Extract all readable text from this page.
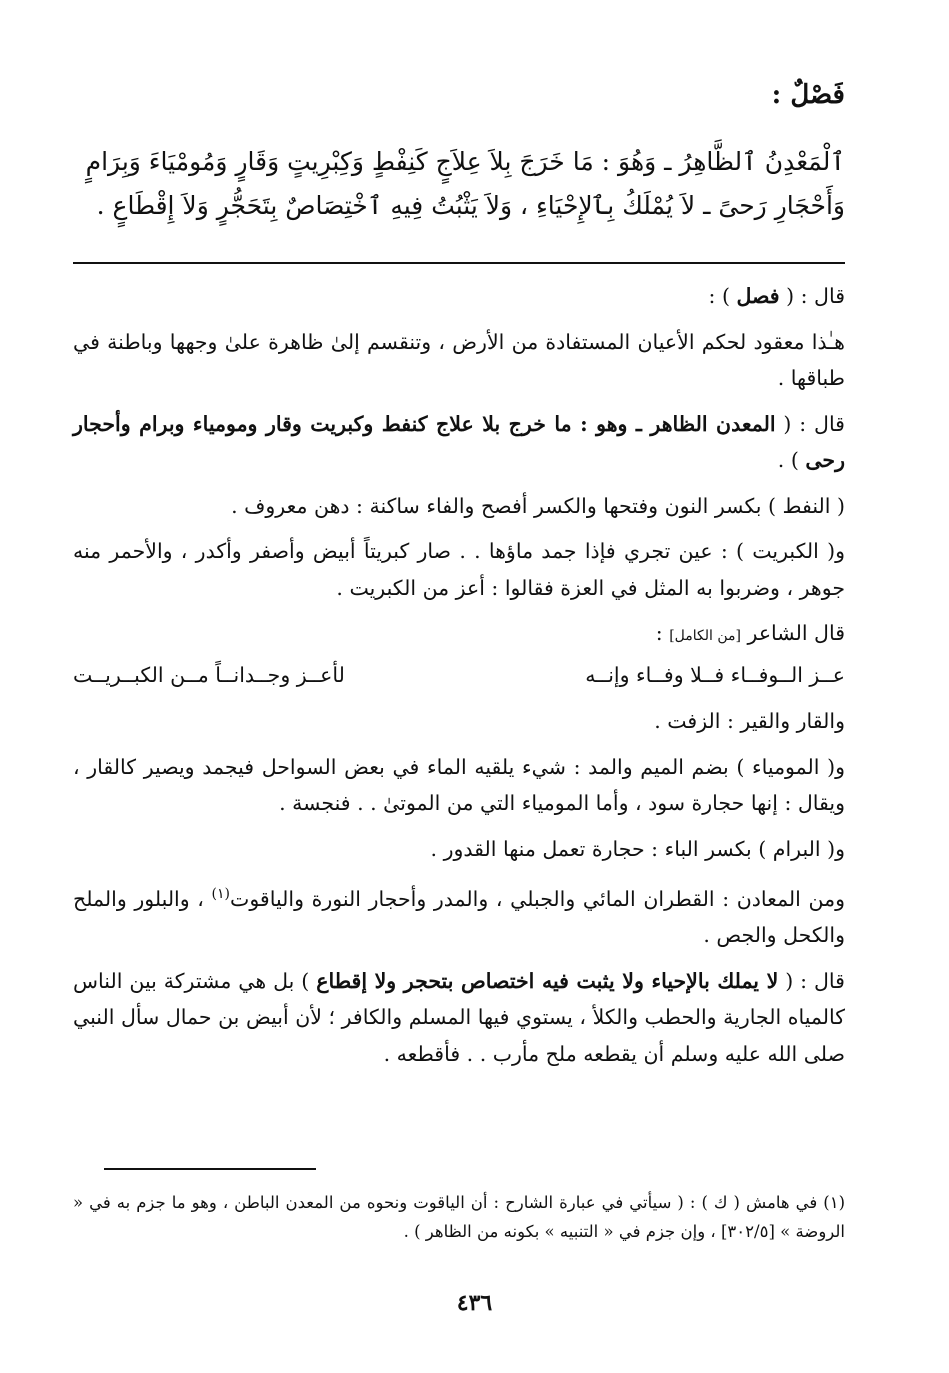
فَصْلٌ :
ٱلْمَعْدِنُ ٱلظَّاهِرُ ـ وَهُوَ : مَا خَرَجَ بِلاَ عِلاَجٍ كَنِفْطٍ وَكِبْرِيتٍ وَقَارٍ وَمُومْيَاءَ وَبِرَامٍ
وَأَحْجَارِ رَحىً ـ لاَ يُمْلَكُ بِٱلإِحْيَاءِ ، وَلاَ يَثْبُتُ فِيهِ ٱخْتِصَاصٌ بِتَحَجُّرٍ وَلاَ إِقْطَاعٍ .

قال : ( فصل ) :

هـٰذا معقود لحكم الأعيان المستفادة من الأرض ، وتنقسم إلىٰ ظاهرة علىٰ وجهها وباطنة في طباقها .

قال : ( المعدن الظاهر ـ وهو : ما خرج بلا علاج كنفط وكبريت وقار ومومياء وبرام وأحجار رحى ) .

( النفط ) بكسر النون وفتحها والكسر أفصح والفاء ساكنة : دهن معروف .

و( الكبريت ) : عين تجري فإذا جمد ماؤها . . صار كبريتاً أبيض وأصفر وأكدر ، والأحمر منه جوهر ، وضربوا به المثل في العزة فقالوا : أعز من الكبريت .

قال الشاعر [من الكامل] :

عــز الــوفــاء فــلا وفــاء وإنــه
لأعــز وجــدانــاً مــن الكبــريــت

والقار والقير : الزفت .

و( المومياء ) بضم الميم والمد : شيء يلقيه الماء في بعض السواحل فيجمد ويصير كالقار ، ويقال : إنها حجارة سود ، وأما المومياء التي من الموتىٰ . . فنجسة .

و( البرام ) بكسر الباء : حجارة تعمل منها القدور .

ومن المعادن : القطران المائي والجبلي ، والمدر وأحجار النورة والياقوت$^{(١)}$ ، والبلور والملح والكحل والجص .

قال : ( لا يملك بالإحياء ولا يثبت فيه اختصاص بتحجر ولا إقطاع ) بل هي مشتركة بين الناس كالمياه الجارية والحطب والكلأ ، يستوي فيها المسلم والكافر ؛ لأن أبيض بن حمال سأل النبي صلى الله عليه وسلم أن يقطعه ملح مأرب . . فأقطعه .

(١) في هامش ( ك ) : ( سيأتي في عبارة الشارح : أن الياقوت ونحوه من المعدن الباطن ، وهو ما جزم به في « الروضة » [٣٠٢/٥] ، وإن جزم في « التنبيه » بكونه من الظاهر ) .
٤٣٦
